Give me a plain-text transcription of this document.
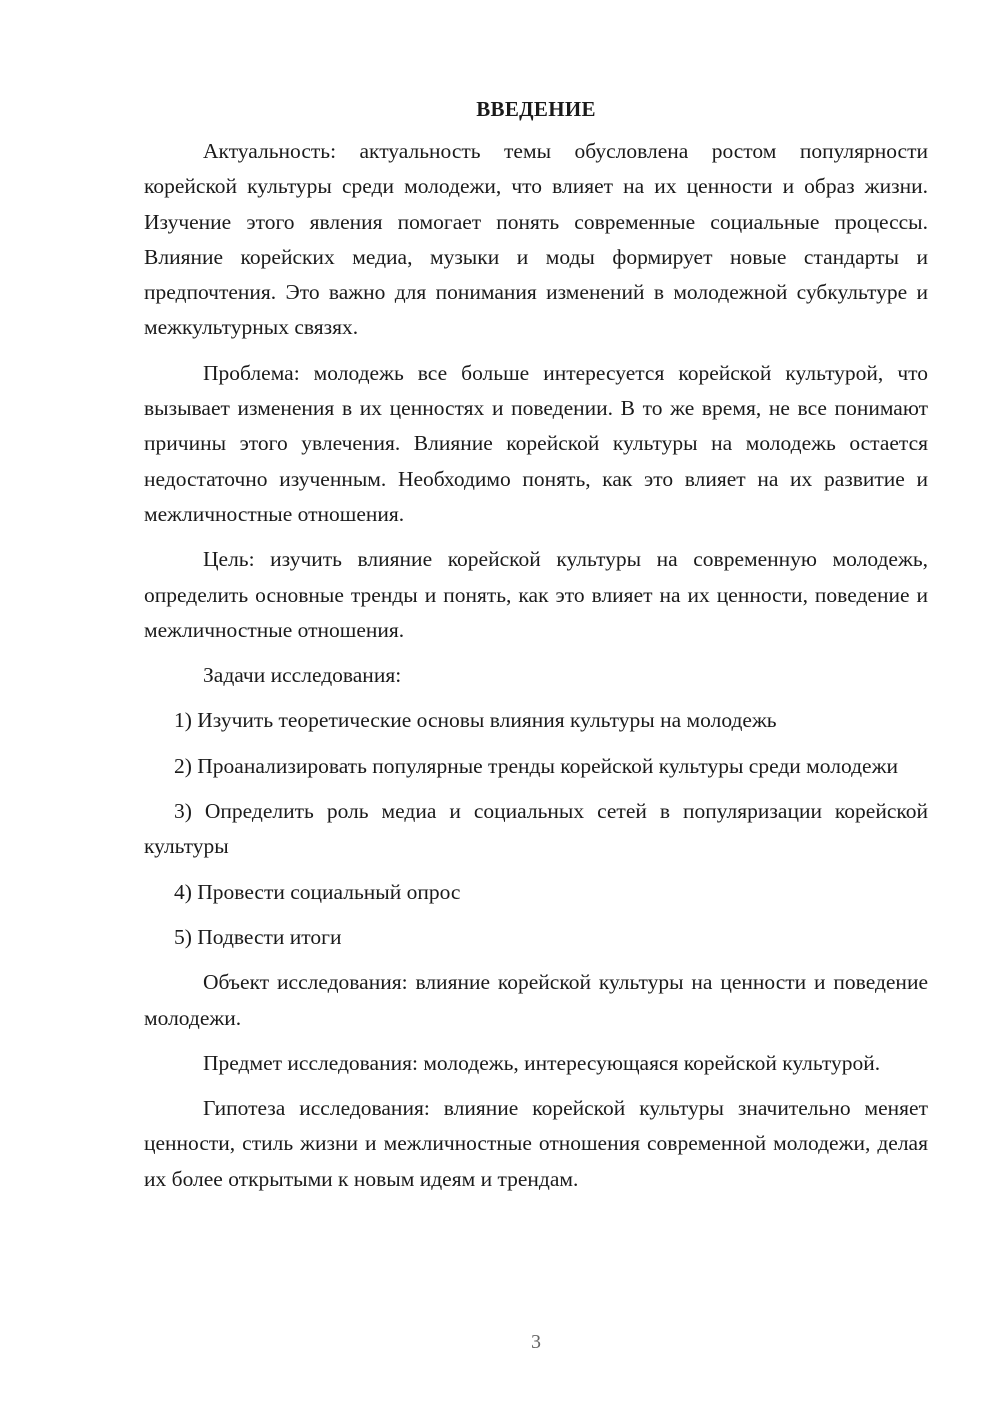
ВВЕДЕНИЕ

Актуальность: актуальность темы обусловлена ростом популярности корейской культуры среди молодежи, что влияет на их ценности и образ жизни. Изучение этого явления помогает понять современные социальные процессы. Влияние корейских медиа, музыки и моды формирует новые стандарты и предпочтения. Это важно для понимания изменений в молодежной субкультуре и межкультурных связях.

Проблема: молодежь все больше интересуется корейской культурой, что вызывает изменения в их ценностях и поведении. В то же время, не все понимают причины этого увлечения. Влияние корейской культуры на молодежь остается недостаточно изученным. Необходимо понять, как это влияет на их развитие и межличностные отношения.

Цель: изучить влияние корейской культуры на современную молодежь, определить основные тренды и понять, как это влияет на их ценности, поведение и межличностные отношения.

Задачи исследования:

1) Изучить теоретические основы влияния культуры на молодежь

2) Проанализировать популярные тренды корейской культуры среди молодежи

3) Определить роль медиа и социальных сетей в популяризации корейской культуры

4) Провести социальный опрос

5) Подвести итоги

Объект исследования: влияние корейской культуры на ценности и поведение молодежи.

Предмет исследования: молодежь, интересующаяся корейской культурой.

Гипотеза исследования: влияние корейской культуры значительно меняет ценности, стиль жизни и межличностные отношения современной молодежи, делая их более открытыми к новым идеям и трендам.

3
